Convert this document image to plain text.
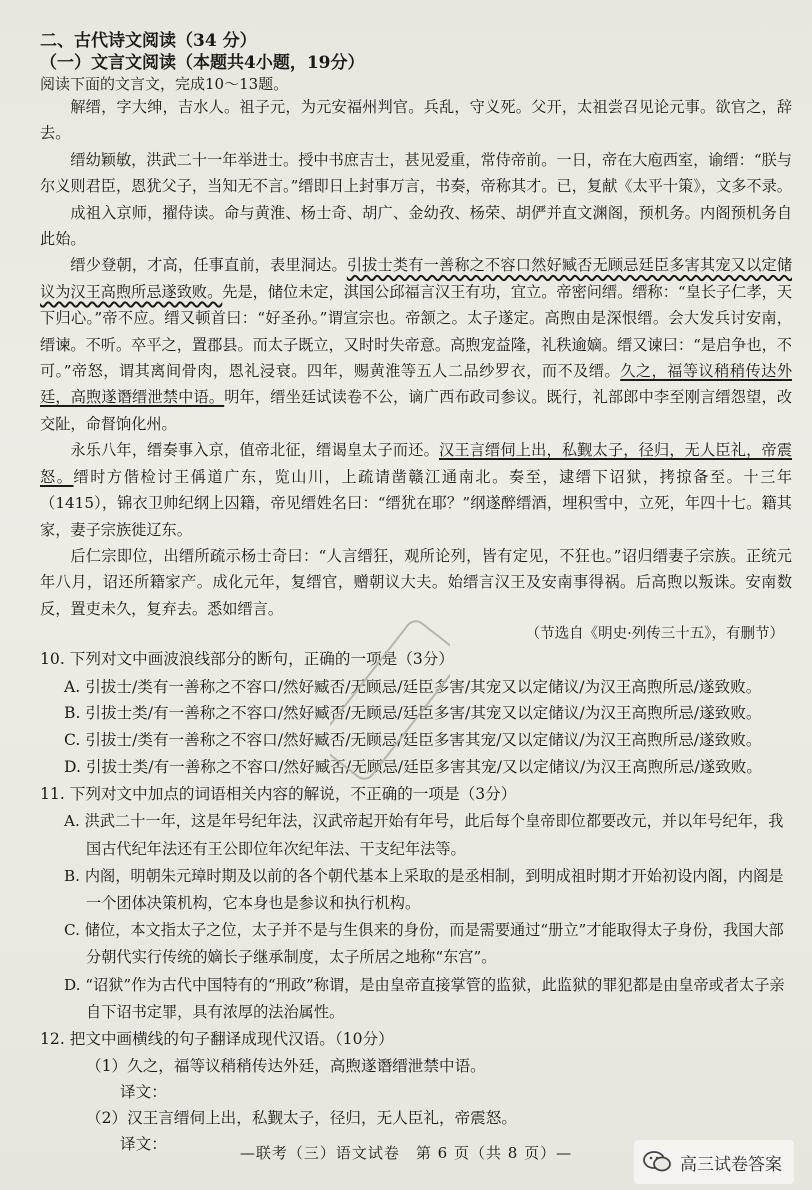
二、古代诗文阅读（34 分）

（一）文言文阅读（本题共4小题，19分）

阅读下面的文言文，完成10～13题。

解缙，字大绅，吉水人。祖子元，为元安福州判官。兵乱，守义死。父开，太祖尝召见论元事。欲官之，辞去。

缙幼颖敏，洪武二十一年举进士。授中书庶吉士，甚见爱重，常侍帝前。一日，帝在大庖西室，谕缙：“朕与尔义则君臣，恩犹父子，当知无不言。”缙即日上封事万言，书奏，帝称其才。已，复献《太平十策》，文多不录。

成祖入京师，擢侍读。命与黄淮、杨士奇、胡广、金幼孜、杨荣、胡俨并直文渊阁，预机务。内阁预机务自此始。

缙少登朝，才高，任事直前，表里洞达。引拔士类有一善称之不容口然好臧否无顾忌廷臣多害其宠又以定储议为汉王高煦所忌遂致败。先是，储位未定，淇国公邱福言汉王有功，宜立。帝密问缙。缙称：“皇长子仁孝，天下归心。”帝不应。缙又顿首曰：“好圣孙。”谓宣宗也。帝颔之。太子遂定。高煦由是深恨缙。会大发兵讨安南，缙谏。不听。卒平之，置郡县。而太子既立，又时时失帝意。高煦宠益隆，礼秩逾嫡。缙又谏曰：“是启争也，不可。”帝怒，谓其离间骨肉，恩礼浸衰。四年，赐黄淮等五人二品纱罗衣，而不及缙。久之，福等议稍稍传达外廷，高煦遂谮缙泄禁中语。明年，缙坐廷试读卷不公，谪广西布政司参议。既行，礼部郎中李至刚言缙怨望，改交阯，命督饷化州。

永乐八年，缙奏事入京，值帝北征，缙谒皇太子而还。汉王言缙伺上出，私觐太子，径归，无人臣礼，帝震怒。缙时方偕检讨王偁道广东，览山川，上疏请凿赣江通南北。奏至，逮缙下诏狱，拷掠备至。十三年（1415），锦衣卫帅纪纲上囚籍，帝见缙姓名曰：“缙犹在耶？”纲遂醉缙酒，埋积雪中，立死，年四十七。籍其家，妻子宗族徙辽东。

后仁宗即位，出缙所疏示杨士奇曰：“人言缙狂，观所论列，皆有定见，不狂也。”诏归缙妻子宗族。正统元年八月，诏还所籍家产。成化元年，复缙官，赠朝议大夫。始缙言汉王及安南事得祸。后高煦以叛诛。安南数反，置吏未久，复弃去。悉如缙言。

（节选自《明史·列传三十五》，有删节）

10. 下列对文中画波浪线部分的断句，正确的一项是（3分）

A. 引拔士/类有一善称之不容口/然好臧否/无顾忌/廷臣多害/其宠又以定储议/为汉王高煦所忌/遂致败。

B. 引拔士类/有一善称之不容口/然好臧否/无顾忌/廷臣多害/其宠又以定储议/为汉王高煦所忌/遂致败。

C. 引拔士/类有一善称之不容口/然好臧否/无顾忌/廷臣多害其宠/又以定储议/为汉王高煦所忌/遂致败。

D. 引拔士类/有一善称之不容口/然好臧否/无顾忌/廷臣多害其宠/又以定储议/为汉王高煦所忌/遂致败。

11. 下列对文中加点的词语相关内容的解说，不正确的一项是（3分）

A. 洪武二十一年，这是年号纪年法，汉武帝起开始有年号，此后每个皇帝即位都要改元，并以年号纪年，我国古代纪年法还有王公即位年次纪年法、干支纪年法等。

B. 内阁，明朝朱元璋时期及以前的各个朝代基本上采取的是丞相制，到明成祖时期才开始初设内阁，内阁是一个团体决策机构，它本身也是参议和执行机构。

C. 储位，本文指太子之位，太子并不是与生俱来的身份，而是需要通过“册立”才能取得太子身份，我国大部分朝代实行传统的嫡长子继承制度，太子所居之地称“东宫”。

D. “诏狱”作为古代中国特有的“刑政”称谓，是由皇帝直接掌管的监狱，此监狱的罪犯都是由皇帝或者太子亲自下诏书定罪，具有浓厚的法治属性。

12. 把文中画横线的句子翻译成现代汉语。（10分）

（1）久之，福等议稍稍传达外廷，高煦遂谮缙泄禁中语。

译文：

（2）汉王言缙伺上出，私觐太子，径归，无人臣礼，帝震怒。

译文：	—联考（三）语文试卷　第 6 页（共 8 页）—
高三试卷答案
